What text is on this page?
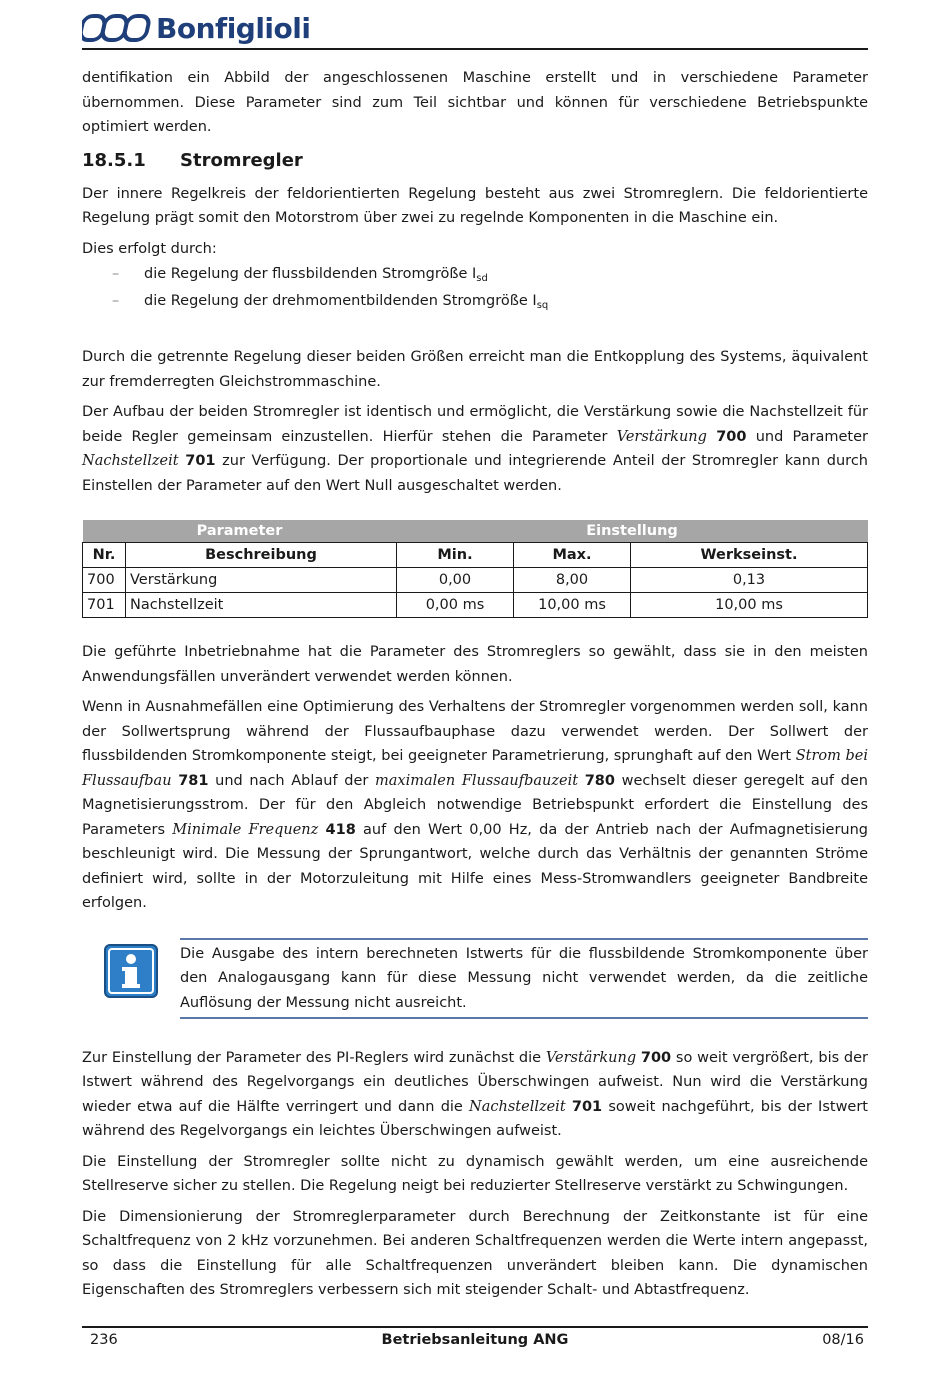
Bonfiglioli

dentifikation ein Abbild der angeschlossenen Maschine erstellt und in verschiedene Parameter übernommen. Diese Parameter sind zum Teil sichtbar und können für verschiedene Betriebspunkte optimiert werden.

18.5.1 Stromregler

Der innere Regelkreis der feldorientierten Regelung besteht aus zwei Stromreglern. Die feldorientierte Regelung prägt somit den Motorstrom über zwei zu regelnde Komponenten in die Maschine ein.

Dies erfolgt durch:

– die Regelung der flussbildenden Stromgröße $I_{sd}$
– die Regelung der drehmomentbildenden Stromgröße $I_{sq}$

Durch die getrennte Regelung dieser beiden Größen erreicht man die Entkopplung des Systems, äquivalent zur fremderregten Gleichstrommaschine.

Der Aufbau der beiden Stromregler ist identisch und ermöglicht, die Verstärkung sowie die Nachstellzeit für beide Regler gemeinsam einzustellen. Hierfür stehen die Parameter Verstärkung 700 und Parameter Nachstellzeit 701 zur Verfügung. Der proportionale und integrierende Anteil der Stromregler kann durch Einstellen der Parameter auf den Wert Null ausgeschaltet werden.

Parameter		Einstellung		
Nr.	Beschreibung	Min.	Max.	Werkseinst.
700	Verstärkung	0,00	8,00	0,13
701	Nachstellzeit	0,00 ms	10,00 ms	10,00 ms

Die geführte Inbetriebnahme hat die Parameter des Stromreglers so gewählt, dass sie in den meisten Anwendungsfällen unverändert verwendet werden können.

Wenn in Ausnahmefällen eine Optimierung des Verhaltens der Stromregler vorgenommen werden soll, kann der Sollwertsprung während der Flussaufbauphase dazu verwendet werden. Der Sollwert der flussbildenden Stromkomponente steigt, bei geeigneter Parametrierung, sprunghaft auf den Wert Strom bei Flussaufbau 781 und nach Ablauf der maximalen Flussaufbauzeit 780 wechselt dieser geregelt auf den Magnetisierungsstrom. Der für den Abgleich notwendige Betriebspunkt erfordert die Einstellung des Parameters Minimale Frequenz 418 auf den Wert 0,00 Hz, da der Antrieb nach der Aufmagnetisierung beschleunigt wird. Die Messung der Sprungantwort, welche durch das Verhältnis der genannten Ströme definiert wird, sollte in der Motorzuleitung mit Hilfe eines Mess-Stromwandlers geeigneter Bandbreite erfolgen.

Die Ausgabe des intern berechneten Istwerts für die flussbildende Stromkomponente über den Analogausgang kann für diese Messung nicht verwendet werden, da die zeitliche Auflösung der Messung nicht ausreicht.

Zur Einstellung der Parameter des PI-Reglers wird zunächst die Verstärkung 700 so weit vergrößert, bis der Istwert während des Regelvorgangs ein deutliches Überschwingen aufweist. Nun wird die Verstärkung wieder etwa auf die Hälfte verringert und dann die Nachstellzeit 701 soweit nachgeführt, bis der Istwert während des Regelvorgangs ein leichtes Überschwingen aufweist.

Die Einstellung der Stromregler sollte nicht zu dynamisch gewählt werden, um eine ausreichende Stellreserve sicher zu stellen. Die Regelung neigt bei reduzierter Stellreserve verstärkt zu Schwingungen.

Die Dimensionierung der Stromreglerparameter durch Berechnung der Zeitkonstante ist für eine Schaltfrequenz von 2 kHz vorzunehmen. Bei anderen Schaltfrequenzen werden die Werte intern angepasst, so dass die Einstellung für alle Schaltfrequenzen unverändert bleiben kann. Die dynamischen Eigenschaften des Stromreglers verbessern sich mit steigender Schalt- und Abtastfrequenz.

236	Betriebsanleitung ANG	08/16
